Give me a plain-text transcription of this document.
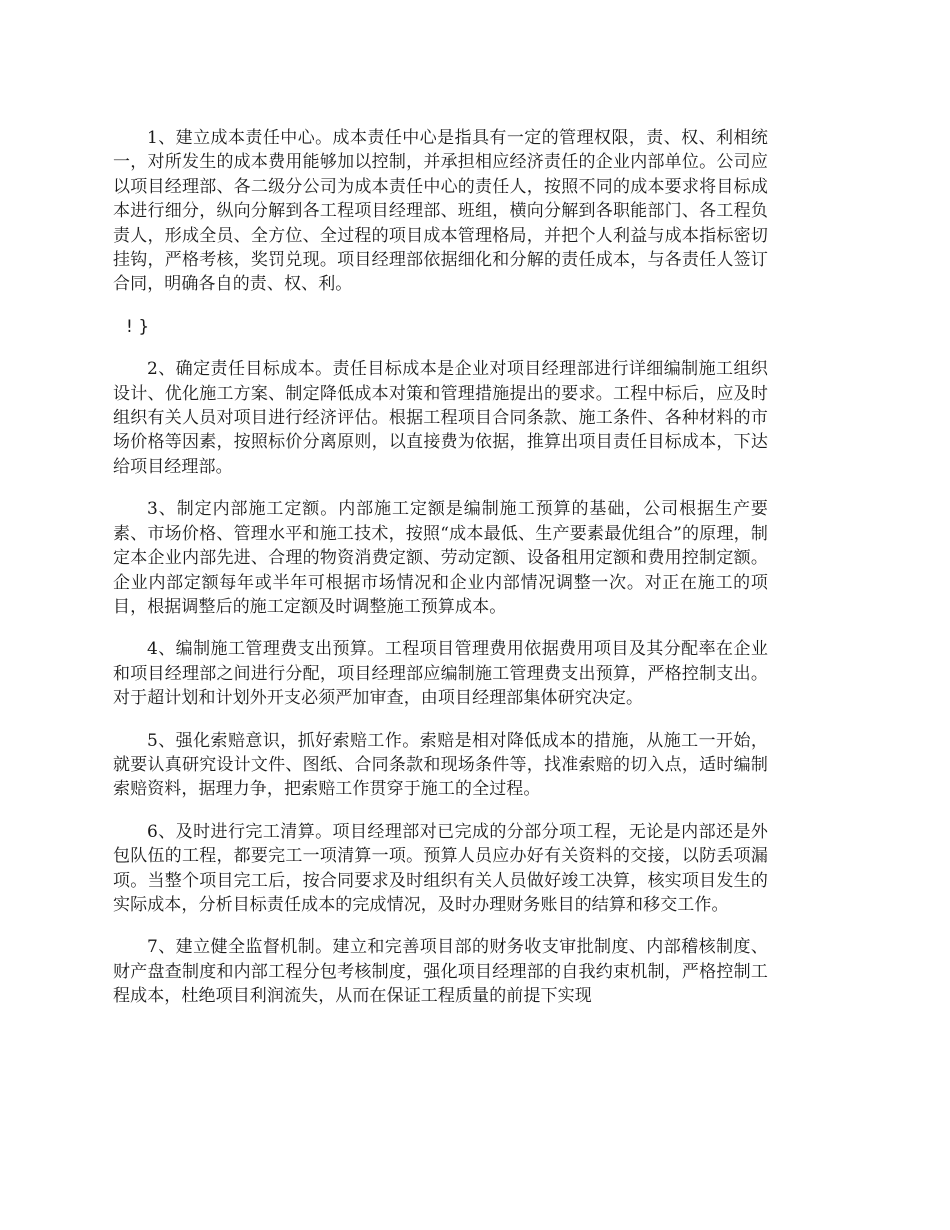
1、建立成本责任中心。成本责任中心是指具有一定的管理权限，责、权、利相统一，对所发生的成本费用能够加以控制，并承担相应经济责任的企业内部单位。公司应以项目经理部、各二级分公司为成本责任中心的责任人，按照不同的成本要求将目标成本进行细分，纵向分解到各工程项目经理部、班组，横向分解到各职能部门、各工程负责人，形成全员、全方位、全过程的项目成本管理格局，并把个人利益与成本指标密切挂钩，严格考核，奖罚兑现。项目经理部依据细化和分解的责任成本，与各责任人签订合同，明确各自的责、权、利。

! }

2、确定责任目标成本。责任目标成本是企业对项目经理部进行详细编制施工组织设计、优化施工方案、制定降低成本对策和管理措施提出的要求。工程中标后，应及时组织有关人员对项目进行经济评估。根据工程项目合同条款、施工条件、各种材料的市场价格等因素，按照标价分离原则，以直接费为依据，推算出项目责任目标成本，下达给项目经理部。

3、制定内部施工定额。内部施工定额是编制施工预算的基础，公司根据生产要素、市场价格、管理水平和施工技术，按照“成本最低、生产要素最优组合”的原理，制定本企业内部先进、合理的物资消费定额、劳动定额、设备租用定额和费用控制定额。企业内部定额每年或半年可根据市场情况和企业内部情况调整一次。对正在施工的项目，根据调整后的施工定额及时调整施工预算成本。

4、编制施工管理费支出预算。工程项目管理费用依据费用项目及其分配率在企业和项目经理部之间进行分配，项目经理部应编制施工管理费支出预算，严格控制支出。对于超计划和计划外开支必须严加审查，由项目经理部集体研究决定。

5、强化索赔意识，抓好索赔工作。索赔是相对降低成本的措施，从施工一开始，就要认真研究设计文件、图纸、合同条款和现场条件等，找准索赔的切入点，适时编制索赔资料，据理力争，把索赔工作贯穿于施工的全过程。

6、及时进行完工清算。项目经理部对已完成的分部分项工程，无论是内部还是外包队伍的工程，都要完工一项清算一项。预算人员应办好有关资料的交接，以防丢项漏项。当整个项目完工后，按合同要求及时组织有关人员做好竣工决算，核实项目发生的实际成本，分析目标责任成本的完成情况，及时办理财务账目的结算和移交工作。

7、建立健全监督机制。建立和完善项目部的财务收支审批制度、内部稽核制度、财产盘查制度和内部工程分包考核制度，强化项目经理部的自我约束机制，严格控制工程成本，杜绝项目利润流失，从而在保证工程质量的前提下实现
